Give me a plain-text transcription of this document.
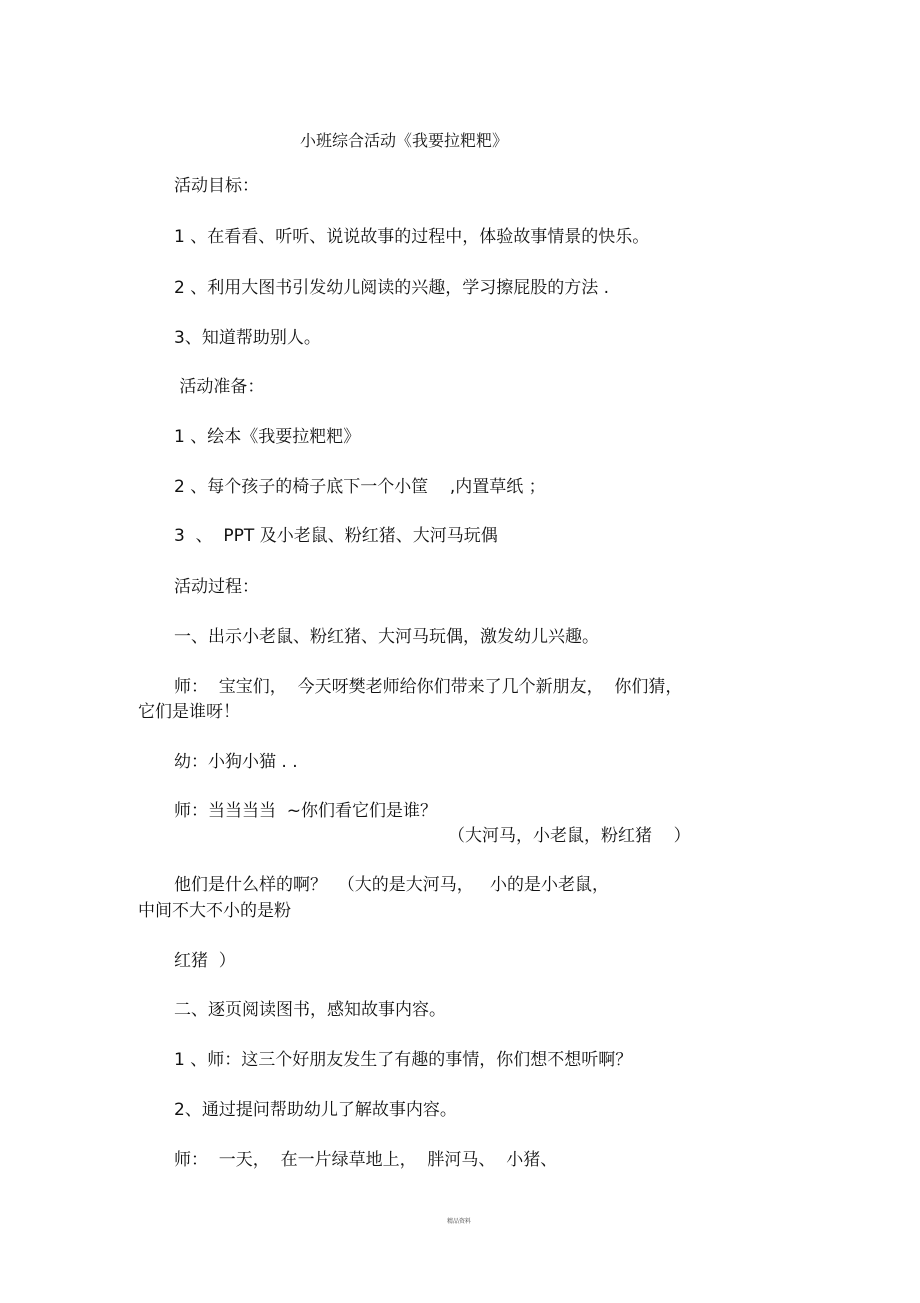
小班综合活动《我要拉粑粑》
活动目标：
1 、在看看、听听、说说故事的过程中，体验故事情景的快乐。
2 、利用大图书引发幼儿阅读的兴趣，学习擦屁股的方法 .
3、知道帮助别人。
活动准备：
1 、绘本《我要拉粑粑》
2 、每个孩子的椅子底下一个小筐    ,内置草纸 ；
3  、  PPT 及小老鼠、粉红猪、大河马玩偶
活动过程：
一、出示小老鼠、粉红猪、大河马玩偶，激发幼儿兴趣。
师：  宝宝们，  今天呀樊老师给你们带来了几个新朋友，  你们猜，
它们是谁呀！
幼：小狗小猫 . .
师：当当当当  ~你们看它们是谁？
（大河马，小老鼠，粉红猪    ）
他们是什么样的啊？  （大的是大河马，   小的是小老鼠，
中间不大不小的是粉
红猪  ）
二、逐页阅读图书，感知故事内容。
1 、师：这三个好朋友发生了有趣的事情，你们想不想听啊？
2、通过提问帮助幼儿了解故事内容。
师：  一天，  在一片绿草地上，  胖河马、  小猪、
精品资料
